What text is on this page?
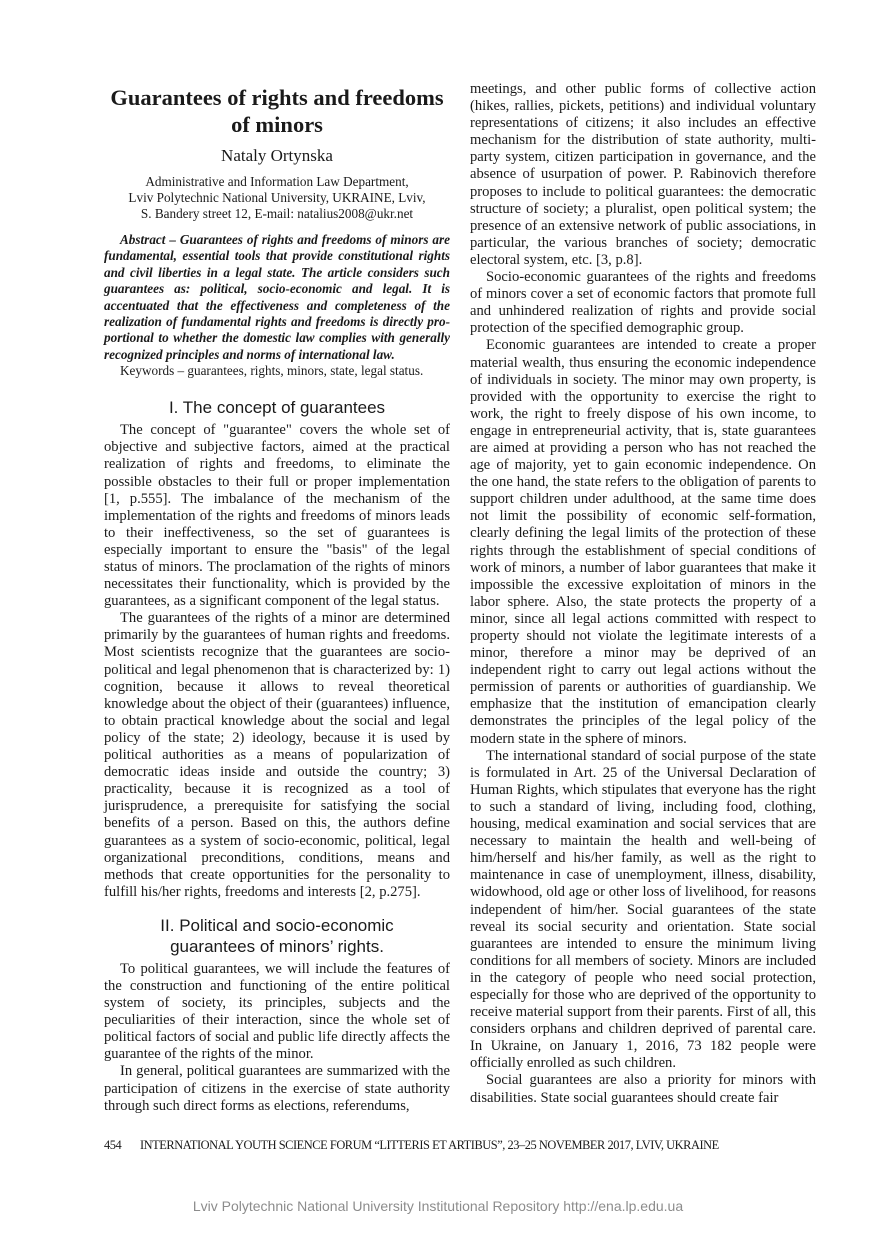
Guarantees of rights and freedoms of minors
Nataly Ortynska
Administrative and Information Law Department,
Lviv Polytechnic National University, UKRAINE, Lviv,
S. Bandery street 12, E-mail: natalius2008@ukr.net

Abstract – Guarantees of rights and freedoms of minors are fundamental, essential tools that provide constitutional rights and civil liberties in a legal state. The article considers such guarantees as: political, socio-economic and legal. It is accentuated that the effectiveness and completeness of the realization of fundamental rights and freedoms is directly pro-portional to whether the domestic law complies with generally recognized principles and norms of international law.

Keywords – guarantees, rights, minors, state, legal status.

I. The concept of guarantees

The concept of "guarantee" covers the whole set of objective and subjective factors, aimed at the practical realization of rights and freedoms, to eliminate the possible obstacles to their full or proper implementation [1, p.555]. The imbalance of the mechanism of the implementation of the rights and freedoms of minors leads to their ineffectiveness, so the set of guarantees is especially important to ensure the "basis" of the legal status of minors. The proclamation of the rights of minors necessitates their functionality, which is provided by the guarantees, as a significant component of the legal status.

The guarantees of the rights of a minor are determined primarily by the guarantees of human rights and freedoms. Most scientists recognize that the guarantees are socio-political and legal phenomenon that is characterized by: 1) cognition, because it allows to reveal theoretical knowledge about the object of their (guarantees) influence, to obtain practical knowledge about the social and legal policy of the state; 2) ideology, because it is used by political authorities as a means of popularization of democratic ideas inside and outside the country; 3) practicality, because it is recognized as a tool of jurisprudence, a prerequisite for satisfying the social benefits of a person. Based on this, the authors define guarantees as a system of socio-economic, political, legal organizational preconditions, conditions, means and methods that create opportunities for the personality to fulfill his/her rights, freedoms and interests [2, p.275].

II. Political and socio-economic
guarantees of minors’ rights.

To political guarantees, we will include the features of the construction and functioning of the entire political system of society, its principles, subjects and the peculiarities of their interaction, since the whole set of political factors of social and public life directly affects the guarantee of the rights of the minor.

In general, political guarantees are summarized with the participation of citizens in the exercise of state authority through such direct forms as elections, referendums,

meetings, and other public forms of collective action (hikes, rallies, pickets, petitions) and individual voluntary representations of citizens; it also includes an effective mechanism for the distribution of state authority, multi-party system, citizen participation in governance, and the absence of usurpation of power. P. Rabinovich therefore proposes to include to political guarantees: the democratic structure of society; a pluralist, open political system; the presence of an extensive network of public associations, in particular, the various branches of society; democratic electoral system, etc. [3, p.8].

Socio-economic guarantees of the rights and freedoms of minors cover a set of economic factors that promote full and unhindered realization of rights and provide social protection of the specified demographic group.

Economic guarantees are intended to create a proper material wealth, thus ensuring the economic independence of individuals in society. The minor may own property, is provided with the opportunity to exercise the right to work, the right to freely dispose of his own income, to engage in entrepreneurial activity, that is, state guarantees are aimed at providing a person who has not reached the age of majority, yet to gain economic independence. On the one hand, the state refers to the obligation of parents to support children under adulthood, at the same time does not limit the possibility of economic self-formation, clearly defining the legal limits of the protection of these rights through the establishment of special conditions of work of minors, a number of labor guarantees that make it impossible the excessive exploitation of minors in the labor sphere. Also, the state protects the property of a minor, since all legal actions committed with respect to property should not violate the legitimate interests of a minor, therefore a minor may be deprived of an independent right to carry out legal actions without the permission of parents or authorities of guardianship. We emphasize that the institution of emancipation clearly demonstrates the principles of the legal policy of the modern state in the sphere of minors.

The international standard of social purpose of the state is formulated in Art. 25 of the Universal Declaration of Human Rights, which stipulates that everyone has the right to such a standard of living, including food, clothing, housing, medical examination and social services that are necessary to maintain the health and well-being of him/herself and his/her family, as well as the right to maintenance in case of unemployment, illness, disability, widowhood, old age or other loss of livelihood, for reasons independent of him/her. Social guarantees of the state reveal its social security and orientation. State social guarantees are intended to ensure the minimum living conditions for all members of society. Minors are included in the category of people who need social protection, especially for those who are deprived of the opportunity to receive material support from their parents. First of all, this considers orphans and children deprived of parental care. In Ukraine, on January 1, 2016, 73 182 people were officially enrolled as such children.

Social guarantees are also a priority for minors with disabilities. State social guarantees should create fair

454 INTERNATIONAL YOUTH SCIENCE FORUM “LITTERIS ET ARTIBUS”, 23–25 NOVEMBER 2017, LVIV, UKRAINE
Lviv Polytechnic National University Institutional Repository http://ena.lp.edu.ua
